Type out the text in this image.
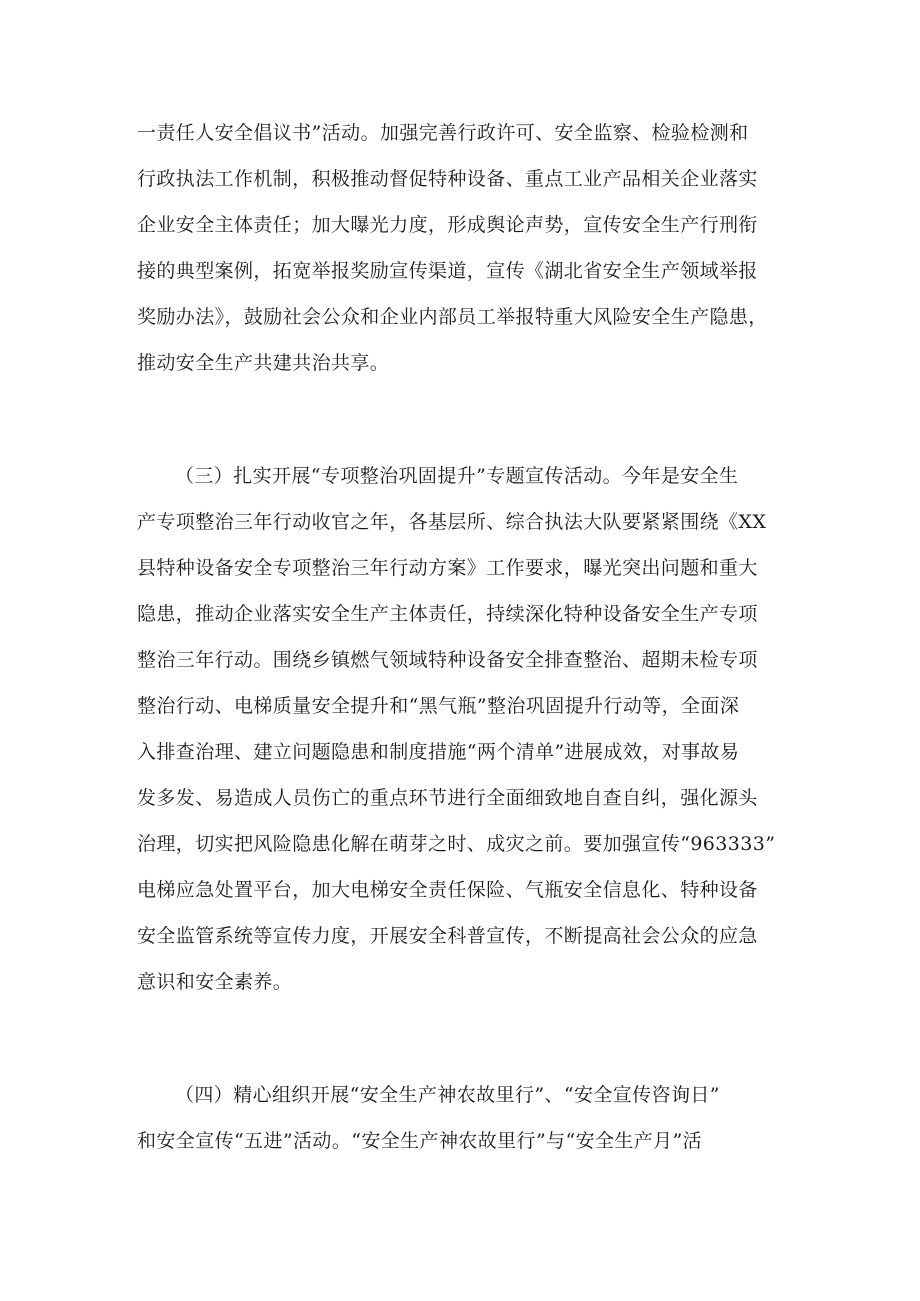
一责任人安全倡议书”活动。加强完善行政许可、安全监察、检验检测和

行政执法工作机制，积极推动督促特种设备、重点工业产品相关企业落实

企业安全主体责任；加大曝光力度，形成舆论声势，宣传安全生产行刑衔

接的典型案例，拓宽举报奖励宣传渠道，宣传《湖北省安全生产领域举报

奖励办法》，鼓励社会公众和企业内部员工举报特重大风险安全生产隐患，

推动安全生产共建共治共享。

（三）扎实开展“专项整治巩固提升”专题宣传活动。今年是安全生

产专项整治三年行动收官之年，各基层所、综合执法大队要紧紧围绕《XX

县特种设备安全专项整治三年行动方案》工作要求，曝光突出问题和重大

隐患，推动企业落实安全生产主体责任，持续深化特种设备安全生产专项

整治三年行动。围绕乡镇燃气领域特种设备安全排查整治、超期未检专项

整治行动、电梯质量安全提升和“黑气瓶”整治巩固提升行动等，全面深

入排查治理、建立问题隐患和制度措施“两个清单”进展成效，对事故易

发多发、易造成人员伤亡的重点环节进行全面细致地自查自纠，强化源头

治理，切实把风险隐患化解在萌芽之时、成灾之前。要加强宣传“963333”

电梯应急处置平台，加大电梯安全责任保险、气瓶安全信息化、特种设备

安全监管系统等宣传力度，开展安全科普宣传，不断提高社会公众的应急

意识和安全素养。

（四）精心组织开展“安全生产神农故里行”、“安全宣传咨询日”

和安全宣传“五进”活动。“安全生产神农故里行”与“安全生产月”活
